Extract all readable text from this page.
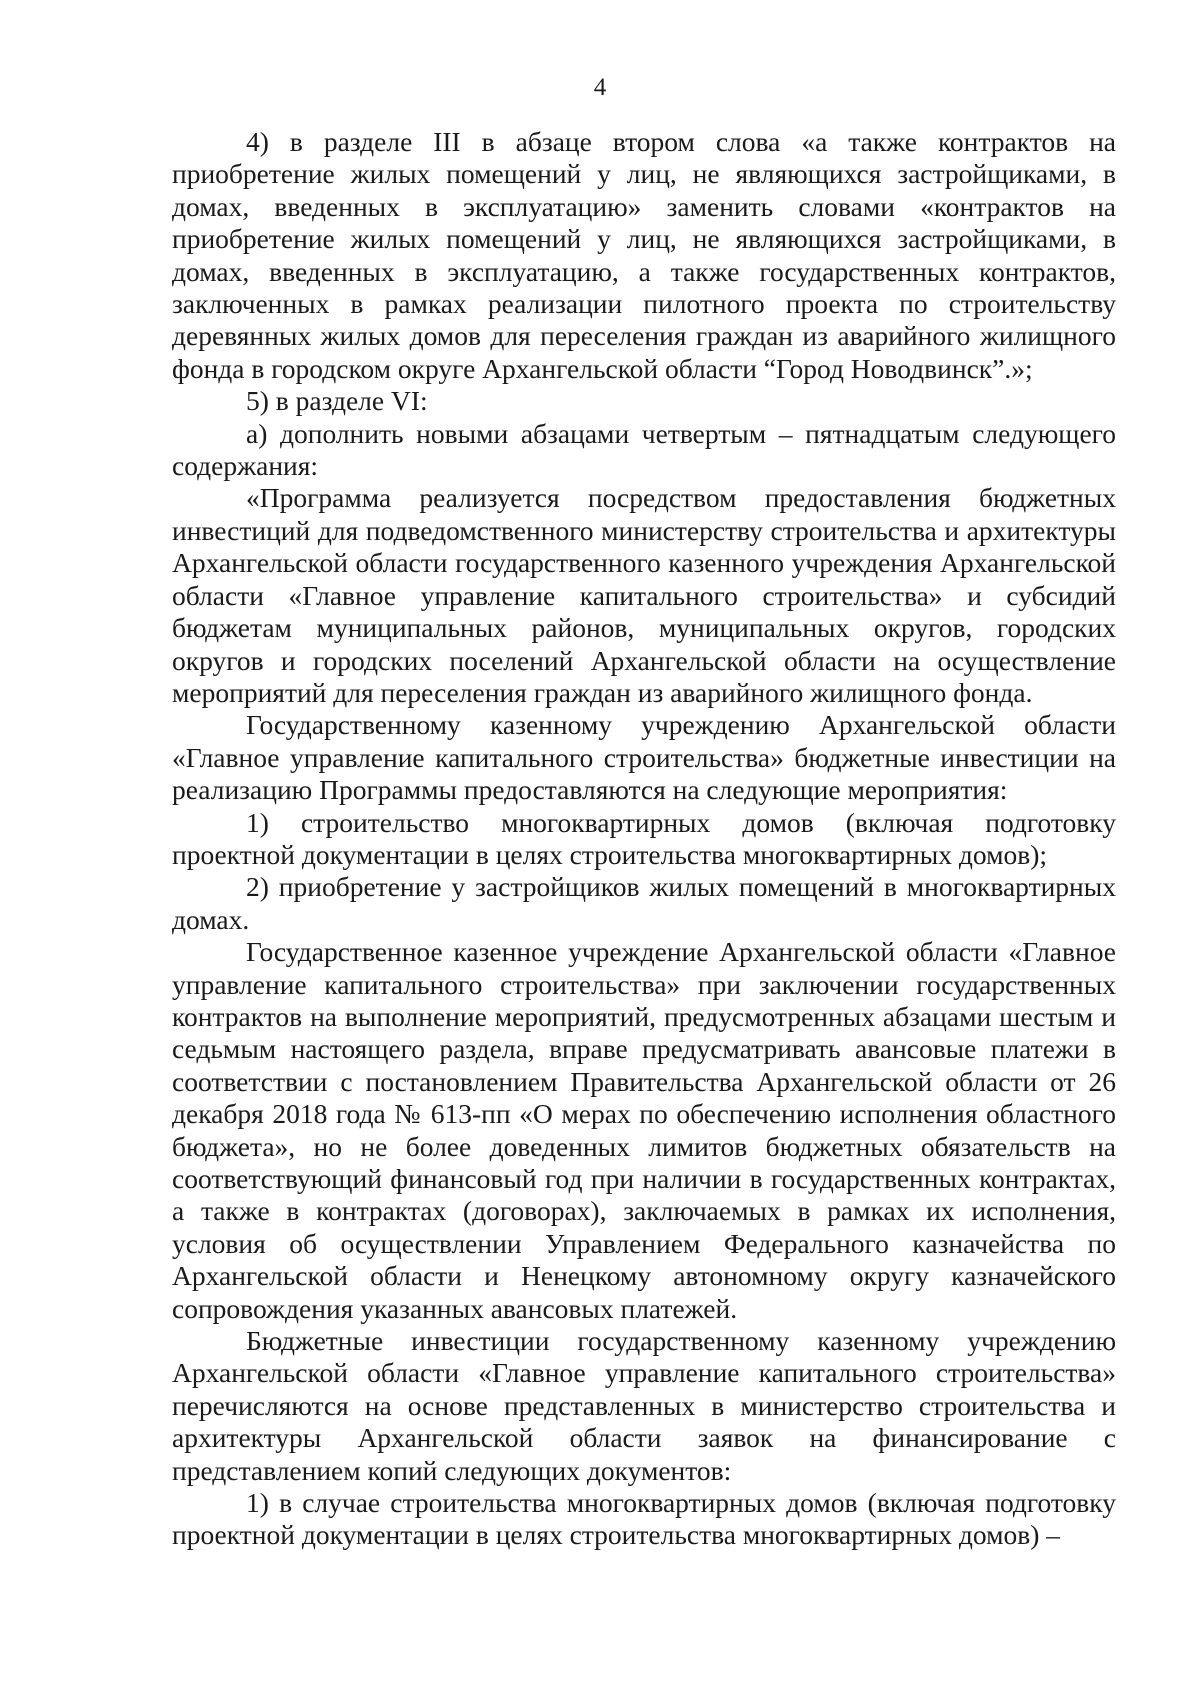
4

4) в разделе III в абзаце втором слова «а также контрактов на приобретение жилых помещений у лиц, не являющихся застройщиками, в домах, введенных в эксплуатацию» заменить словами «контрактов на приобретение жилых помещений у лиц, не являющихся застройщиками, в домах, введенных в эксплуатацию, а также государственных контрактов, заключенных в рамках реализации пилотного проекта по строительству деревянных жилых домов для переселения граждан из аварийного жилищного фонда в городском округе Архангельской области “Город Новодвинск”.»;

5) в разделе VI:

а) дополнить новыми абзацами четвертым – пятнадцатым следующего содержания:

«Программа реализуется посредством предоставления бюджетных инвестиций для подведомственного министерству строительства и архитектуры Архангельской области государственного казенного учреждения Архангельской области «Главное управление капитального строительства» и субсидий бюджетам муниципальных районов, муниципальных округов, городских округов и городских поселений Архангельской области на осуществление мероприятий для переселения граждан из аварийного жилищного фонда.

Государственному казенному учреждению Архангельской области «Главное управление капитального строительства» бюджетные инвестиции на реализацию Программы предоставляются на следующие мероприятия:

1) строительство многоквартирных домов (включая подготовку проектной документации в целях строительства многоквартирных домов);

2) приобретение у застройщиков жилых помещений в многоквартирных домах.

Государственное казенное учреждение Архангельской области «Главное управление капитального строительства» при заключении государственных контрактов на выполнение мероприятий, предусмотренных абзацами шестым и седьмым настоящего раздела, вправе предусматривать авансовые платежи в соответствии с постановлением Правительства Архангельской области от 26 декабря 2018 года № 613-пп «О мерах по обеспечению исполнения областного бюджета», но не более доведенных лимитов бюджетных обязательств на соответствующий финансовый год при наличии в государственных контрактах, а также в контрактах (договорах), заключаемых в рамках их исполнения, условия об осуществлении Управлением Федерального казначейства по Архангельской области и Ненецкому автономному округу казначейского сопровождения указанных авансовых платежей.

Бюджетные инвестиции государственному казенному учреждению Архангельской области «Главное управление капитального строительства» перечисляются на основе представленных в министерство строительства и архитектуры Архангельской области заявок на финансирование с представлением копий следующих документов:

1) в случае строительства многоквартирных домов (включая подготовку проектной документации в целях строительства многоквартирных домов) –
